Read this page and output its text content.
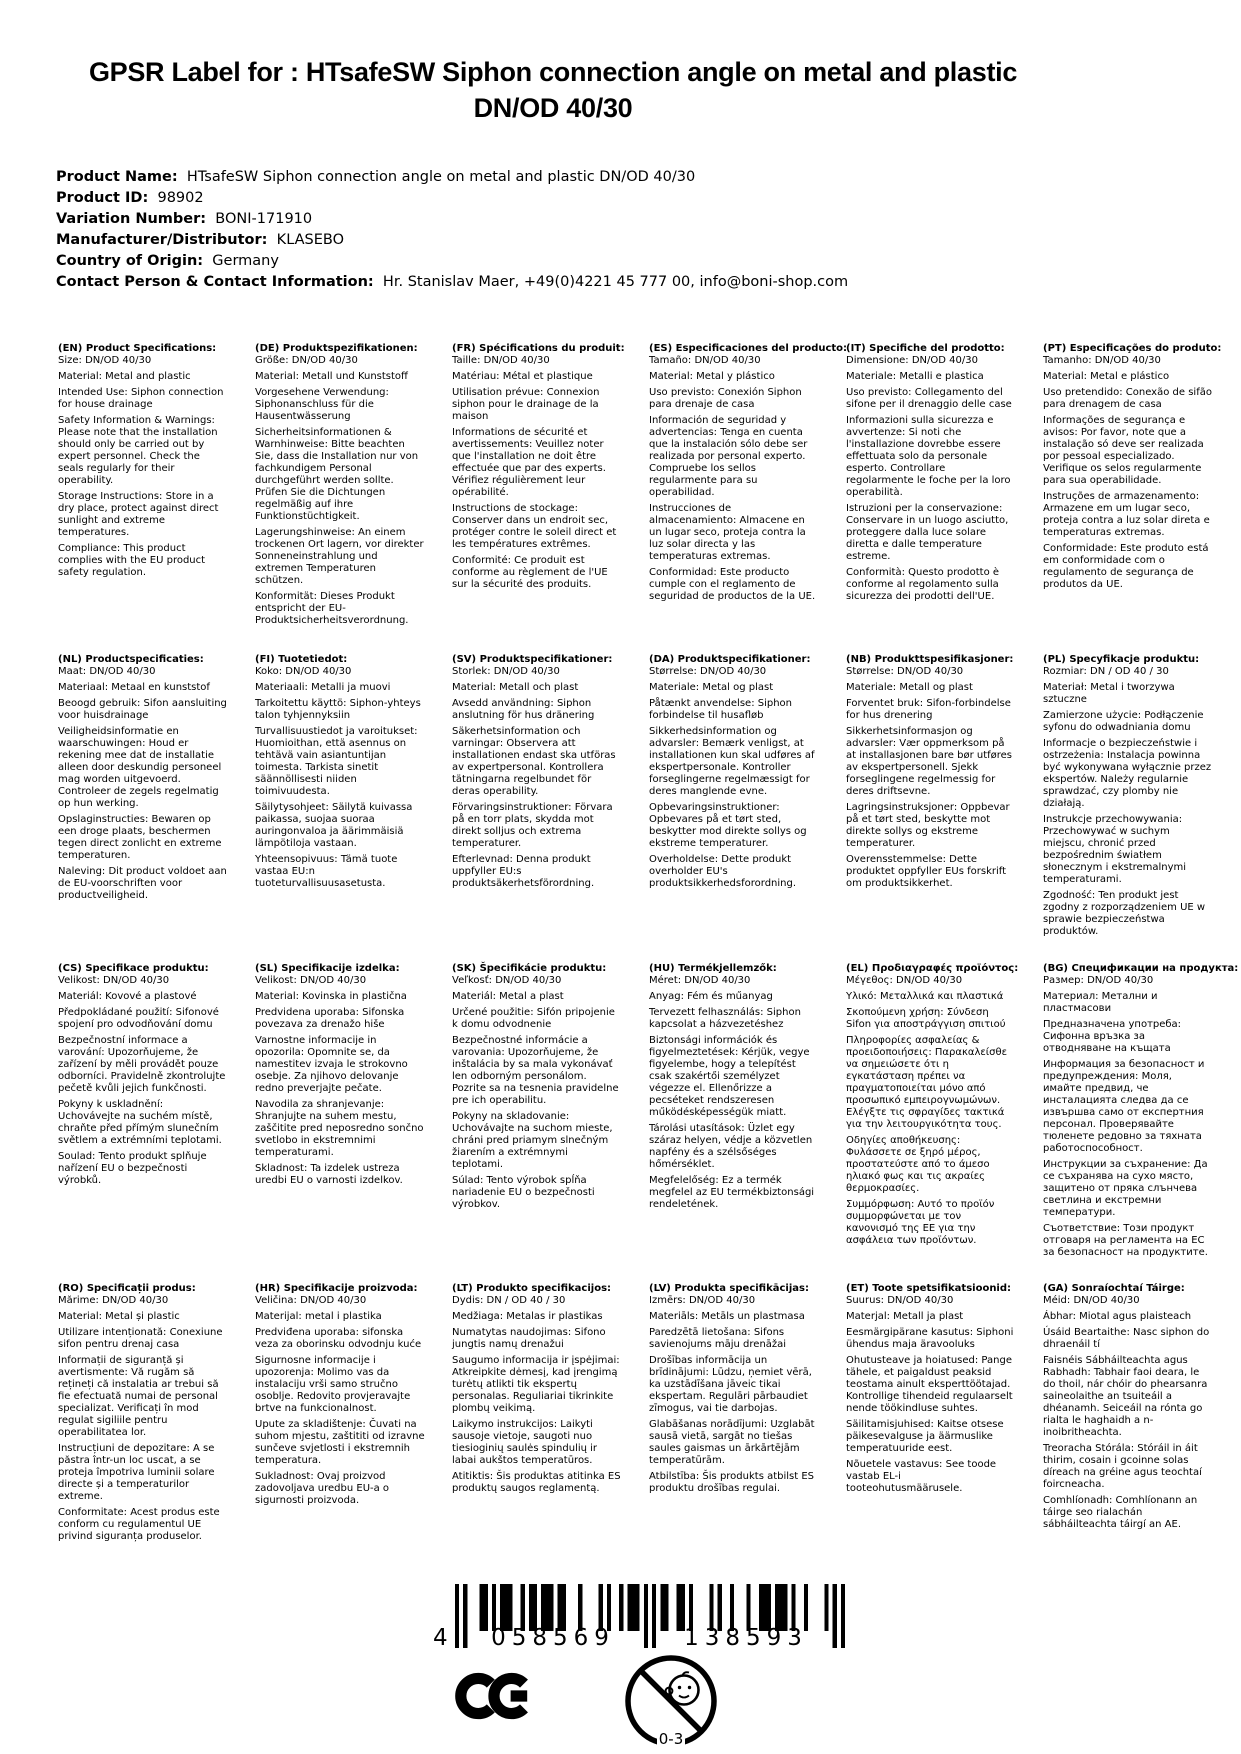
GPSR Label for : HTsafeSW Siphon connection angle on metal and plastic DN/OD 40/30
Product Name:  HTsafeSW Siphon connection angle on metal and plastic DN/OD 40/30
Product ID:  98902
Variation Number:  BONI-171910
Manufacturer/Distributor:  KLASEBO
Country of Origin:  Germany
Contact Person & Contact Information:  Hr. Stanislav Maer, +49(0)4221 45 777 00, info@boni-shop.com
(EN) Product Specifications:

Size: DN/OD 40/30

Material: Metal and plastic

Intended Use: Siphon connection for house drainage

Safety Information & Warnings: Please note that the installation should only be carried out by expert personnel. Check the seals regularly for their operability.

Storage Instructions: Store in a dry place, protect against direct sunlight and extreme temperatures.

Compliance: This product complies with the EU product safety regulation.

(DE) Produktspezifikationen:

Größe: DN/OD 40/30

Material: Metall und Kunststoff

Vorgesehene Verwendung: Siphonanschluss für die Hausentwässerung

Sicherheitsinformationen & Warnhinweise: Bitte beachten Sie, dass die Installation nur von fachkundigem Personal durchgeführt werden sollte. Prüfen Sie die Dichtungen regelmäßig auf ihre Funktionstüchtigkeit.

Lagerungshinweise: An einem trockenen Ort lagern, vor direkter Sonneneinstrahlung und extremen Temperaturen schützen.

Konformität: Dieses Produkt entspricht der EU-Produktsicherheitsverordnung.

(FR) Spécifications du produit:

Taille: DN/OD 40/30

Matériau: Métal et plastique

Utilisation prévue: Connexion siphon pour le drainage de la maison

Informations de sécurité et avertissements: Veuillez noter que l'installation ne doit être effectuée que par des experts. Vérifiez régulièrement leur opérabilité.

Instructions de stockage: Conserver dans un endroit sec, protéger contre le soleil direct et les températures extrêmes.

Conformité: Ce produit est conforme au règlement de l'UE sur la sécurité des produits.

(ES) Especificaciones del producto:

Tamaño: DN/OD 40/30

Material: Metal y plástico

Uso previsto: Conexión Siphon para drenaje de casa

Información de seguridad y advertencias: Tenga en cuenta que la instalación sólo debe ser realizada por personal experto. Compruebe los sellos regularmente para su operabilidad.

Instrucciones de almacenamiento: Almacene en un lugar seco, proteja contra la luz solar directa y las temperaturas extremas.

Conformidad: Este producto cumple con el reglamento de seguridad de productos de la UE.

(IT) Specifiche del prodotto:

Dimensione: DN/OD 40/30

Materiale: Metalli e plastica

Uso previsto: Collegamento del sifone per il drenaggio delle case

Informazioni sulla sicurezza e avvertenze: Si noti che l'installazione dovrebbe essere effettuata solo da personale esperto. Controllare regolarmente le foche per la loro operabilità.

Istruzioni per la conservazione: Conservare in un luogo asciutto, proteggere dalla luce solare diretta e dalle temperature estreme.

Conformità: Questo prodotto è conforme al regolamento sulla sicurezza dei prodotti dell'UE.

(PT) Especificações do produto:

Tamanho: DN/OD 40/30

Material: Metal e plástico

Uso pretendido: Conexão de sifão para drenagem de casa

Informações de segurança e avisos: Por favor, note que a instalação só deve ser realizada por pessoal especializado. Verifique os selos regularmente para sua operabilidade.

Instruções de armazenamento: Armazene em um lugar seco, proteja contra a luz solar direta e temperaturas extremas.

Conformidade: Este produto está em conformidade com o regulamento de segurança de produtos da UE.

(NL) Productspecificaties:

Maat: DN/OD 40/30

Materiaal: Metaal en kunststof

Beoogd gebruik: Sifon aansluiting voor huisdrainage

Veiligheidsinformatie en waarschuwingen: Houd er rekening mee dat de installatie alleen door deskundig personeel mag worden uitgevoerd. Controleer de zegels regelmatig op hun werking.

Opslaginstructies: Bewaren op een droge plaats, beschermen tegen direct zonlicht en extreme temperaturen.

Naleving: Dit product voldoet aan de EU-voorschriften voor productveiligheid.

(FI) Tuotetiedot:

Koko: DN/OD 40/30

Materiaali: Metalli ja muovi

Tarkoitettu käyttö: Siphon-yhteys talon tyhjennyksiin

Turvallisuustiedot ja varoitukset: Huomioithan, että asennus on tehtävä vain asiantuntijan toimesta. Tarkista sinetit säännöllisesti niiden toimivuudesta.

Säilytysohjeet: Säilytä kuivassa paikassa, suojaa suoraa auringonvaloa ja äärimmäisiä lämpötiloja vastaan.

Yhteensopivuus: Tämä tuote vastaa EU:n tuoteturvallisuusasetusta.

(SV) Produktspecifikationer:

Storlek: DN/OD 40/30

Material: Metall och plast

Avsedd användning: Siphon anslutning för hus dränering

Säkerhetsinformation och varningar: Observera att installationen endast ska utföras av expertpersonal. Kontrollera tätningarna regelbundet för deras operability.

Förvaringsinstruktioner: Förvara på en torr plats, skydda mot direkt solljus och extrema temperaturer.

Efterlevnad: Denna produkt uppfyller EU:s produktsäkerhetsförordning.

(DA) Produktspecifikationer:

Størrelse: DN/OD 40/30

Materiale: Metal og plast

Påtænkt anvendelse: Siphon forbindelse til husafløb

Sikkerhedsinformation og advarsler: Bemærk venligst, at installationen kun skal udføres af ekspertpersonale. Kontroller forseglingerne regelmæssigt for deres manglende evne.

Opbevaringsinstruktioner: Opbevares på et tørt sted, beskytter mod direkte sollys og ekstreme temperaturer.

Overholdelse: Dette produkt overholder EU's produktsikkerhedsforordning.

(NB) Produkttspesifikasjoner:

Størrelse: DN/OD 40/30

Materiale: Metall og plast

Forventet bruk: Sifon-forbindelse for hus drenering

Sikkerhetsinformasjon og advarsler: Vær oppmerksom på at installasjonen bare bør utføres av ekspertpersonell. Sjekk forseglingene regelmessig for deres driftsevne.

Lagringsinstruksjoner: Oppbevar på et tørt sted, beskytte mot direkte sollys og ekstreme temperaturer.

Overensstemmelse: Dette produktet oppfyller EUs forskrift om produktsikkerhet.

(PL) Specyfikacje produktu:

Rozmiar: DN / OD 40 / 30

Materiał: Metal i tworzywa sztuczne

Zamierzone użycie: Podłączenie syfonu do odwadniania domu

Informacje o bezpieczeństwie i ostrzeżenia: Instalacja powinna być wykonywana wyłącznie przez ekspertów. Należy regularnie sprawdzać, czy plomby nie działają.

Instrukcje przechowywania: Przechowywać w suchym miejscu, chronić przed bezpośrednim światłem słonecznym i ekstremalnymi temperaturami.

Zgodność: Ten produkt jest zgodny z rozporządzeniem UE w sprawie bezpieczeństwa produktów.

(CS) Specifikace produktu:

Velikost: DN/OD 40/30

Materiál: Kovové a plastové

Předpokládané použití: Sifonové spojení pro odvodňování domu

Bezpečnostní informace a varování: Upozorňujeme, že zařízení by měli provádět pouze odborníci. Pravidelně zkontrolujte pečetě kvůli jejich funkčnosti.

Pokyny k uskladnění: Uchovávejte na suchém místě, chraňte před přímým slunečním světlem a extrémními teplotami.

Soulad: Tento produkt splňuje nařízení EU o bezpečnosti výrobků.

(SL) Specifikacije izdelka:

Velikost: DN/OD 40/30

Material: Kovinska in plastična

Predvidena uporaba: Sifonska povezava za drenažo hiše

Varnostne informacije in opozorila: Opomnite se, da namestitev izvaja le strokovno osebje. Za njihovo delovanje redno preverjajte pečate.

Navodila za shranjevanje: Shranjujte na suhem mestu, zaščitite pred neposredno sončno svetlobo in ekstremnimi temperaturami.

Skladnost: Ta izdelek ustreza uredbi EU o varnosti izdelkov.

(SK) Špecifikácie produktu:

Veľkosť: DN/OD 40/30

Materiál: Metal a plast

Určené použitie: Sifón pripojenie k domu odvodnenie

Bezpečnostné informácie a varovania: Upozorňujeme, že inštalácia by sa mala vykonávať len odborným personálom. Pozrite sa na tesnenia pravidelne pre ich operabilitu.

Pokyny na skladovanie: Uchovávajte na suchom mieste, chráni pred priamym slnečným žiarením a extrémnymi teplotami.

Súlad: Tento výrobok spĺňa nariadenie EU o bezpečnosti výrobkov.

(HU) Termékjellemzők:

Méret: DN/OD 40/30

Anyag: Fém és műanyag

Tervezett felhasználás: Siphon kapcsolat a házvezetéshez

Biztonsági információk és figyelmeztetések: Kérjük, vegye figyelembe, hogy a telepítést csak szakértői személyzet végezze el. Ellenőrizze a pecséteket rendszeresen működésképességük miatt.

Tárolási utasítások: Üzlet egy száraz helyen, védje a közvetlen napfény és a szélsőséges hőmérséklet.

Megfelelőség: Ez a termék megfelel az EU termékbiztonsági rendeletének.

(EL) Προδιαγραφές προϊόντος:

Μέγεθος: DN/OD 40/30

Υλικό: Μεταλλικά και πλαστικά

Σκοπούμενη χρήση: Σύνδεση Sifon για αποστράγγιση σπιτιού

Πληροφορίες ασφαλείας & προειδοποιήσεις: Παρακαλείσθε να σημειώσετε ότι η εγκατάσταση πρέπει να πραγματοποιείται μόνο από προσωπικό εμπειρογνωμώνων. Ελέγξτε τις σφραγίδες τακτικά για την λειτουργικότητα τους.

Οδηγίες αποθήκευσης: Φυλάσσετε σε ξηρό μέρος, προστατεύστε από το άμεσο ηλιακό φως και τις ακραίες θερμοκρασίες.

Συμμόρφωση: Αυτό το προϊόν συμμορφώνεται με τον κανονισμό της ΕΕ για την ασφάλεια των προϊόντων.

(BG) Спецификации на продукта:

Размер: DN/OD 40/30

Материал: Метални и пластмасови

Предназначена употреба: Сифонна връзка за отводняване на къщата

Информация за безопасност и предупреждения: Моля, имайте предвид, че инсталацията следва да се извършва само от експертния персонал. Проверявайте тюленете редовно за тяхната работоспособност.

Инструкции за съхранение: Да се съхранява на сухо място, защитено от пряка слънчева светлина и екстремни температури.

Съответствие: Този продукт отговаря на регламента на ЕС за безопасност на продуктите.

(RO) Specificații produs:

Mărime: DN/OD 40/30

Material: Metal și plastic

Utilizare intenționată: Conexiune sifon pentru drenaj casa

Informații de siguranță și avertismente: Vă rugăm să rețineți că instalatia ar trebui să fie efectuată numai de personal specializat. Verificați în mod regulat sigiliile pentru operabilitatea lor.

Instrucțiuni de depozitare: A se păstra într-un loc uscat, a se proteja împotriva luminii solare directe și a temperaturilor extreme.

Conformitate: Acest produs este conform cu regulamentul UE privind siguranța produselor.

(HR) Specifikacije proizvoda:

Veličina: DN/OD 40/30

Materijal: metal i plastika

Predviđena uporaba: sifonska veza za oborinsku odvodnju kuće

Sigurnosne informacije i upozorenja: Molimo vas da instalaciju vrši samo stručno osoblje. Redovito provjeravajte brtve na funkcionalnost.

Upute za skladištenje: Čuvati na suhom mjestu, zaštititi od izravne sunčeve svjetlosti i ekstremnih temperatura.

Sukladnost: Ovaj proizvod zadovoljava uredbu EU-a o sigurnosti proizvoda.

(LT) Produkto specifikacijos:

Dydis: DN / OD 40 / 30

Medžiaga: Metalas ir plastikas

Numatytas naudojimas: Sifono jungtis namų drenažui

Saugumo informacija ir įspėjimai: Atkreipkite dėmesį, kad įrengimą turėtų atlikti tik ekspertų personalas. Reguliariai tikrinkite plombų veikimą.

Laikymo instrukcijos: Laikyti sausoje vietoje, saugoti nuo tiesioginių saulės spindulių ir labai aukštos temperatūros.

Atitiktis: Šis produktas atitinka ES produktų saugos reglamentą.

(LV) Produkta specifikācijas:

Izmērs: DN/OD 40/30

Materiāls: Metāls un plastmasa

Paredzētā lietošana: Sifons savienojums māju drenāžai

Drošības informācija un brīdinājumi: Lūdzu, ņemiet vērā, ka uzstādīšana jāveic tikai ekspertam. Regulāri pārbaudiet zīmogus, vai tie darbojas.

Glabāšanas norādījumi: Uzglabāt sausā vietā, sargāt no tiešas saules gaismas un ārkārtējām temperatūrām.

Atbilstība: Šis produkts atbilst ES produktu drošības regulai.

(ET) Toote spetsifikatsioonid:

Suurus: DN/OD 40/30

Materjal: Metall ja plast

Eesmärgipärane kasutus: Siphoni ühendus maja äravooluks

Ohutusteave ja hoiatused: Pange tähele, et paigaldust peaksid teostama ainult eksperttöötajad. Kontrollige tihendeid regulaarselt nende töökindluse suhtes.

Säilitamisjuhised: Kaitse otsese päikesevalguse ja äärmuslike temperatuuride eest.

Nõuetele vastavus: See toode vastab EL-i tooteohutusmäärusele.

(GA) Sonraíochtaí Táirge:

Méid: DN/OD 40/30

Ábhar: Miotal agus plaisteach

Úsáid Beartaithe: Nasc siphon do dhraenáil tí

Faisnéis Sábháilteachta agus Rabhadh: Tabhair faoi deara, le do thoil, nár chóir do phearsanra saineolaithe an tsuiteáil a dhéanamh. Seiceáil na rónta go rialta le haghaidh a n-inoibritheachta.

Treoracha Stórála: Stóráil in áit thirim, cosain i gcoinne solas díreach na gréine agus teochtaí foircneacha.

Comhlíonadh: Comhlíonann an táirge seo rialachán sábháilteachta táirgí an AE.

4	058569	138593
0-3
